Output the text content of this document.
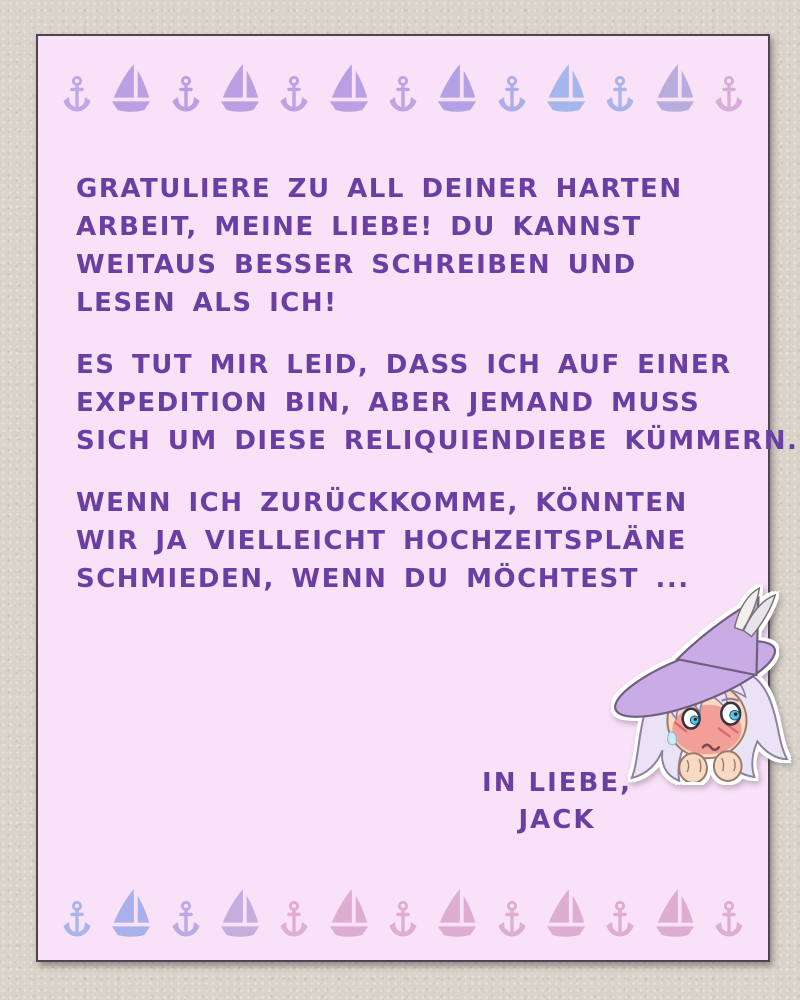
GRATULIERE ZU ALL DEINER HARTEN
ARBEIT, MEINE LIEBE! DU KANNST
WEITAUS BESSER SCHREIBEN UND
LESEN ALS ICH!
ES TUT MIR LEID, DASS ICH AUF EINER
EXPEDITION BIN, ABER JEMAND MUSS
SICH UM DIESE RELIQUIENDIEBE KÜMMERN.
WENN ICH ZURÜCKKOMME, KÖNNTEN
WIR JA VIELLEICHT HOCHZEITSPLÄNE
SCHMIEDEN, WENN DU MÖCHTEST ...
IN LIEBE,
JACK
